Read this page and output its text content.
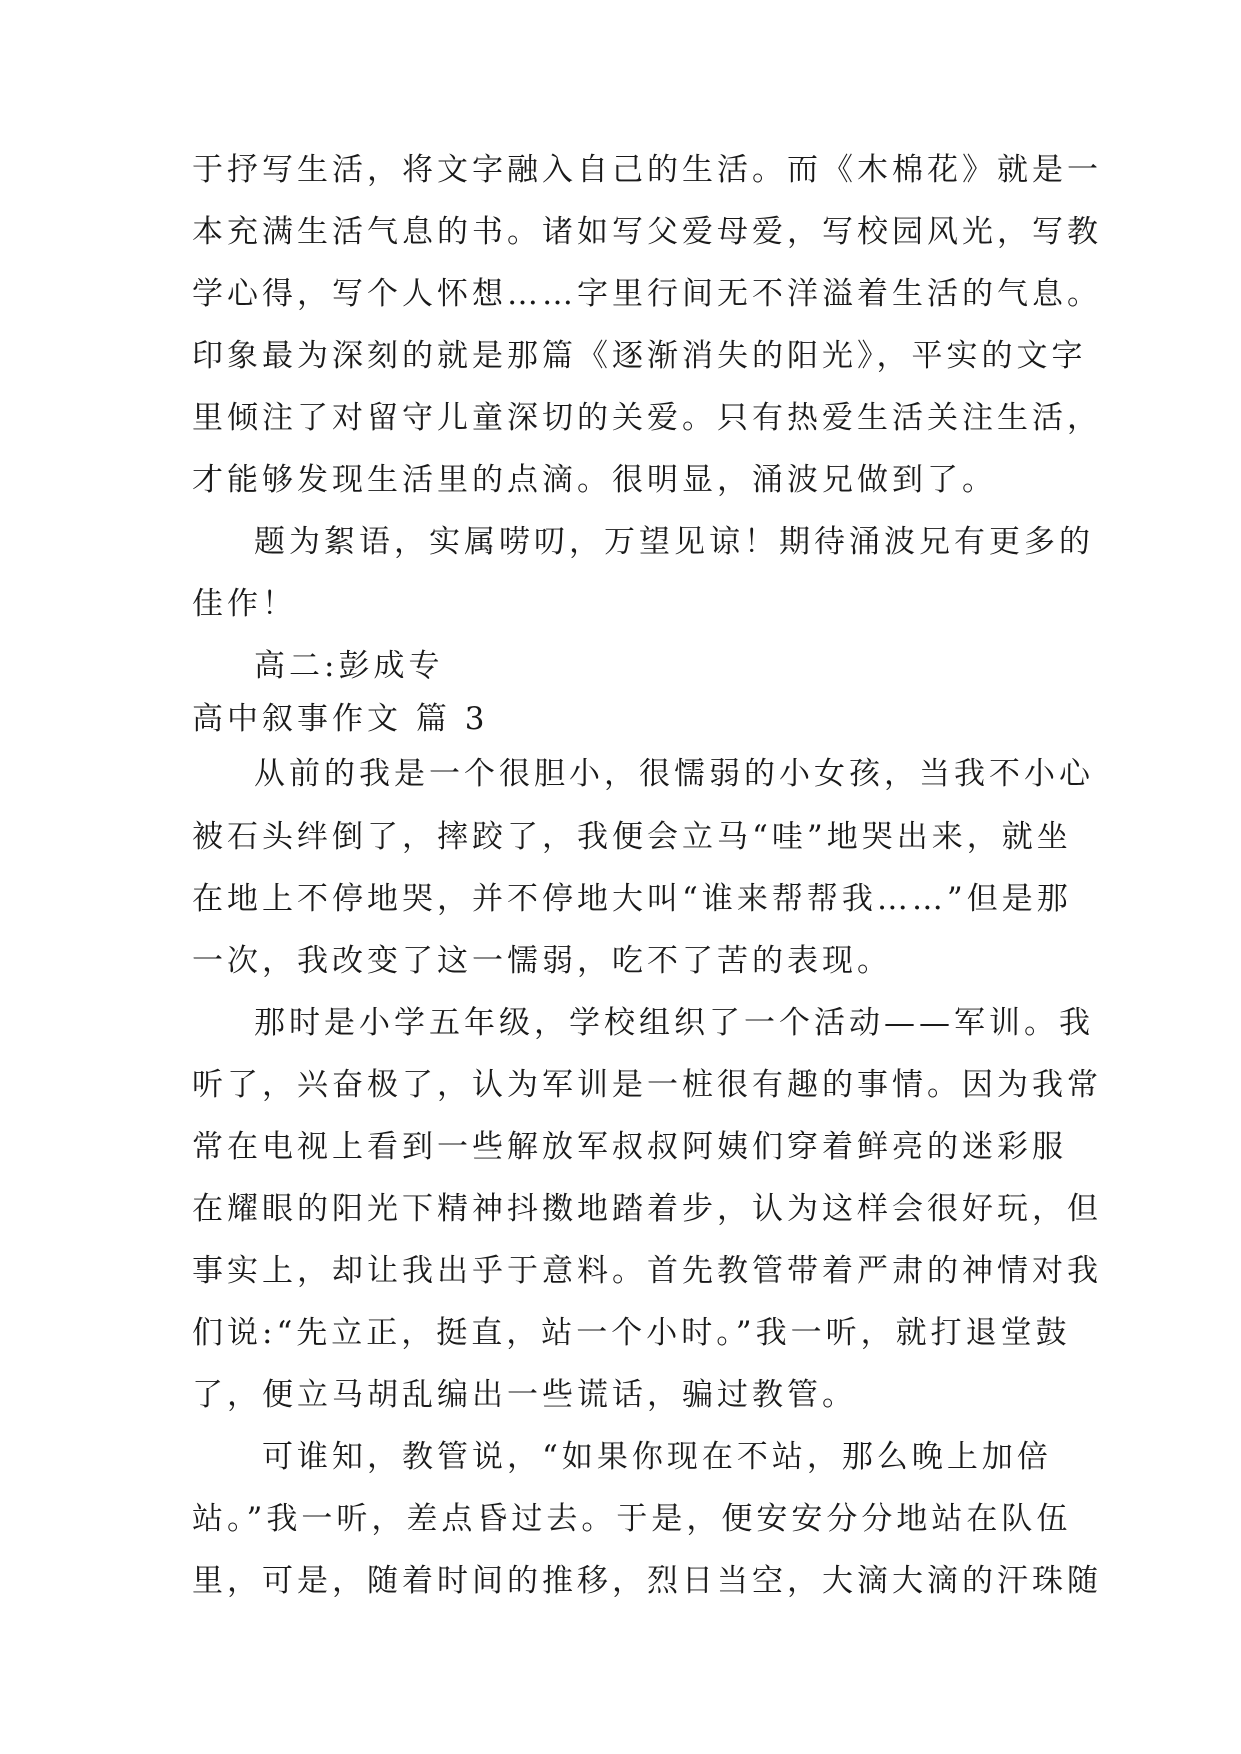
于抒写生活，将文字融入自己的生活。而《木棉花》就是一
本充满生活气息的书。诸如写父爱母爱，写校园风光，写教
学心得，写个人怀想……字里行间无不洋溢着生活的气息。
印象最为深刻的就是那篇《逐渐消失的阳光》，平实的文字
里倾注了对留守儿童深切的关爱。只有热爱生活关注生活，
才能够发现生活里的点滴。很明显，涌波兄做到了。
题为絮语，实属唠叨，万望见谅！期待涌波兄有更多的
佳作！
高二:彭成专
高中叙事作文 篇 3
从前的我是一个很胆小，很懦弱的小女孩，当我不小心
被石头绊倒了，摔跤了，我便会立马“哇”地哭出来，就坐
在地上不停地哭，并不停地大叫“谁来帮帮我……”但是那
一次，我改变了这一懦弱，吃不了苦的表现。
那时是小学五年级，学校组织了一个活动——军训。我
听了，兴奋极了，认为军训是一桩很有趣的事情。因为我常
常在电视上看到一些解放军叔叔阿姨们穿着鲜亮的迷彩服
在耀眼的阳光下精神抖擞地踏着步，认为这样会很好玩，但
事实上，却让我出乎于意料。首先教管带着严肃的神情对我
们说:“先立正，挺直，站一个小时。”我一听，就打退堂鼓
了，便立马胡乱编出一些谎话，骗过教管。
可谁知，教管说，“如果你现在不站，那么晚上加倍
站。”我一听，差点昏过去。于是，便安安分分地站在队伍
里，可是，随着时间的推移，烈日当空，大滴大滴的汗珠随
